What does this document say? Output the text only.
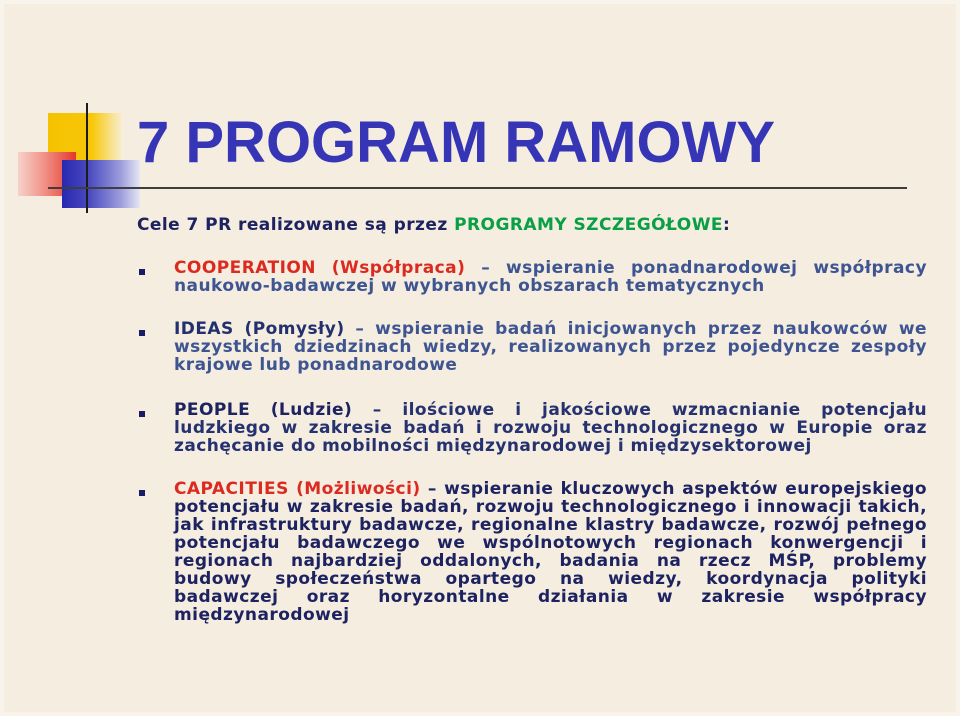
7 PROGRAM RAMOWY
Cele 7 PR realizowane są przez PROGRAMY SZCZEGÓŁOWE:

COOPERATION (Współpraca) – wspieranie ponadnarodowej współpracy naukowo-badawczej w wybranych obszarach tematycznych

IDEAS (Pomysły) – wspieranie badań inicjowanych przez naukowców we wszystkich dziedzinach wiedzy, realizowanych przez pojedyncze zespoły krajowe lub ponadnarodowe

PEOPLE (Ludzie) – ilościowe i jakościowe wzmacnianie potencjału ludzkiego w zakresie badań i rozwoju technologicznego w Europie oraz zachęcanie do mobilności międzynarodowej i międzysektorowej

CAPACITIES (Możliwości) – wspieranie kluczowych aspektów europejskiego potencjału w zakresie badań, rozwoju technologicznego i innowacji takich, jak infrastruktury badawcze, regionalne klastry badawcze, rozwój pełnego potencjału badawczego we wspólnotowych regionach konwergencji i regionach najbardziej oddalonych, badania na rzecz MŚP, problemy budowy społeczeństwa opartego na wiedzy, koordynacja polityki badawczej oraz horyzontalne działania w zakresie współpracy międzynarodowej
